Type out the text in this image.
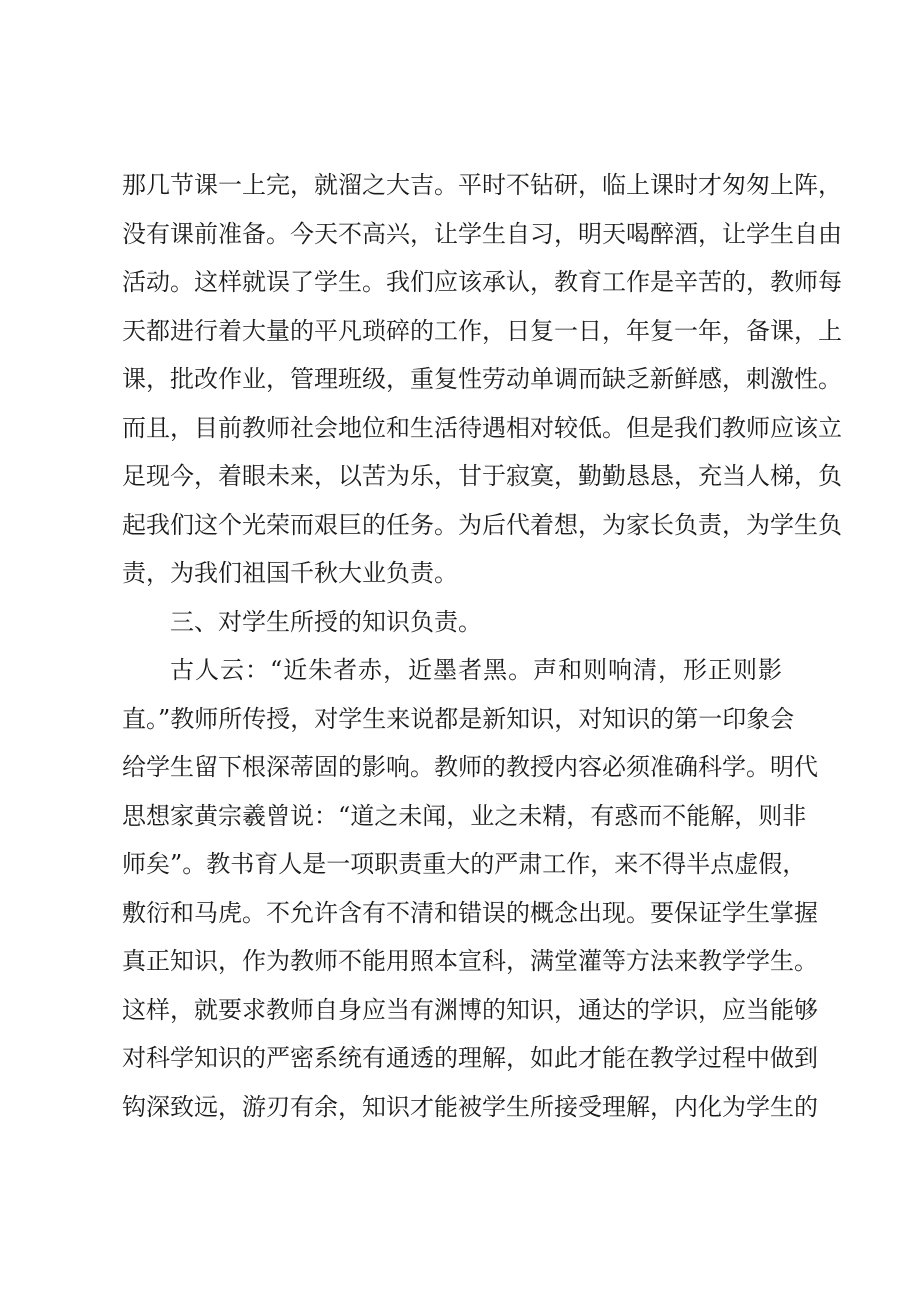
那几节课一上完，就溜之大吉。平时不钻研，临上课时才匆匆上阵，
没有课前准备。今天不高兴，让学生自习，明天喝醉酒，让学生自由
活动。这样就误了学生。我们应该承认，教育工作是辛苦的，教师每
天都进行着大量的平凡琐碎的工作，日复一日，年复一年，备课，上
课，批改作业，管理班级，重复性劳动单调而缺乏新鲜感，刺激性。
而且，目前教师社会地位和生活待遇相对较低。但是我们教师应该立
足现今，着眼未来，以苦为乐，甘于寂寞，勤勤恳恳，充当人梯，负
起我们这个光荣而艰巨的任务。为后代着想，为家长负责，为学生负
责，为我们祖国千秋大业负责。
三、对学生所授的知识负责。
古人云：“近朱者赤，近墨者黑。声和则响清，形正则影
直。”教师所传授，对学生来说都是新知识，对知识的第一印象会
给学生留下根深蒂固的影响。教师的教授内容必须准确科学。明代
思想家黄宗羲曾说：“道之未闻，业之未精，有惑而不能解，则非
师矣”。教书育人是一项职责重大的严肃工作，来不得半点虚假，
敷衍和马虎。不允许含有不清和错误的概念出现。要保证学生掌握
真正知识，作为教师不能用照本宣科，满堂灌等方法来教学学生。
这样，就要求教师自身应当有渊博的知识，通达的学识，应当能够
对科学知识的严密系统有通透的理解，如此才能在教学过程中做到
钩深致远，游刃有余，知识才能被学生所接受理解，内化为学生的
